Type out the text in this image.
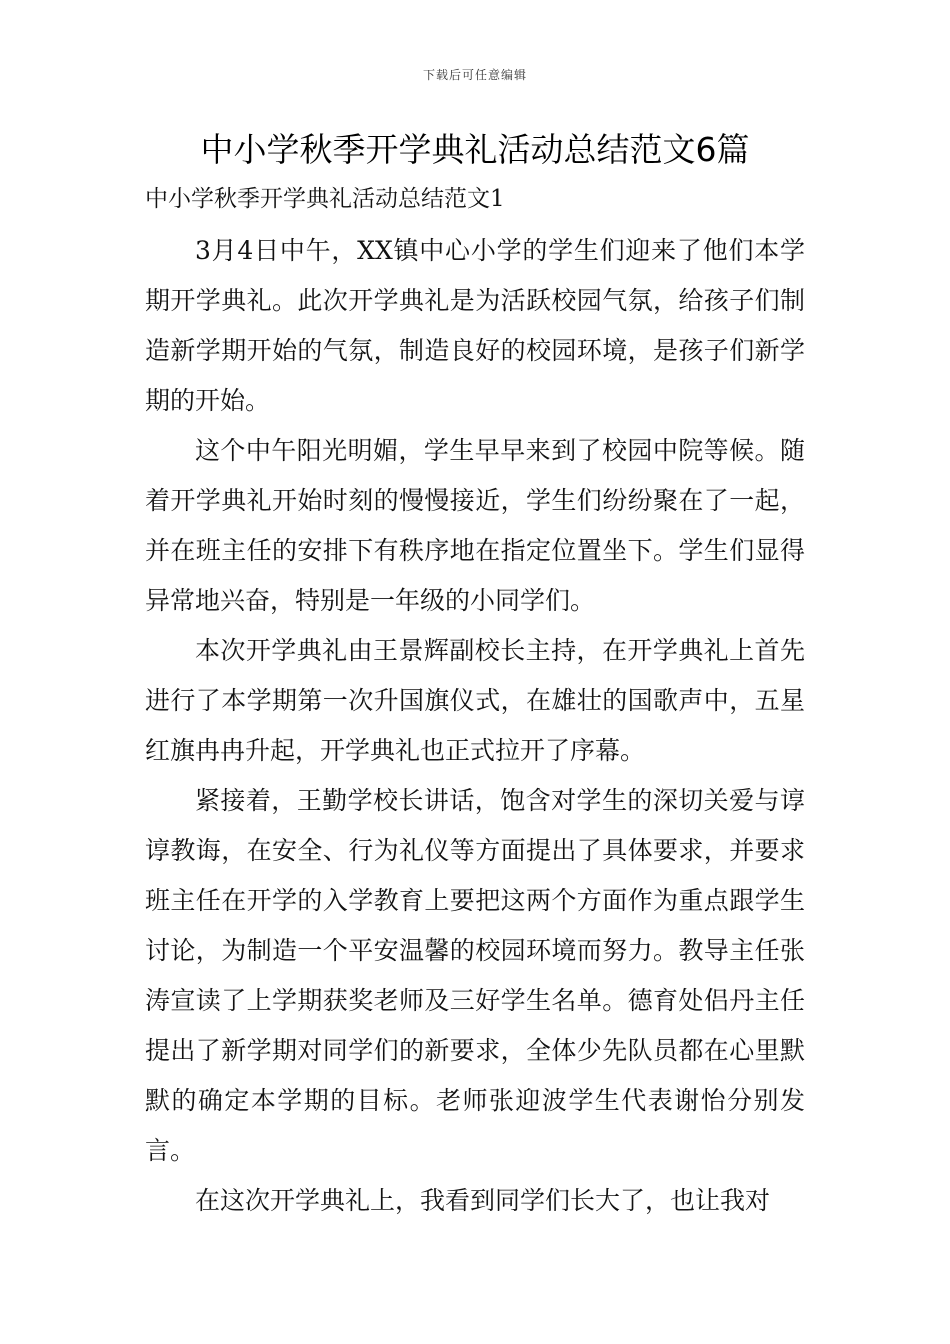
下载后可任意编辑
中小学秋季开学典礼活动总结范文6篇
中小学秋季开学典礼活动总结范文1

3月4日中午，XX镇中心小学的学生们迎来了他们本学期开学典礼。此次开学典礼是为活跃校园气氛，给孩子们制造新学期开始的气氛，制造良好的校园环境，是孩子们新学期的开始。

这个中午阳光明媚，学生早早来到了校园中院等候。随着开学典礼开始时刻的慢慢接近，学生们纷纷聚在了一起，并在班主任的安排下有秩序地在指定位置坐下。学生们显得异常地兴奋，特别是一年级的小同学们。

本次开学典礼由王景辉副校长主持，在开学典礼上首先进行了本学期第一次升国旗仪式，在雄壮的国歌声中，五星红旗冉冉升起，开学典礼也正式拉开了序幕。

紧接着，王勤学校长讲话，饱含对学生的深切关爱与谆谆教诲，在安全、行为礼仪等方面提出了具体要求，并要求班主任在开学的入学教育上要把这两个方面作为重点跟学生讨论，为制造一个平安温馨的校园环境而努力。教导主任张涛宣读了上学期获奖老师及三好学生名单。德育处侣丹主任提出了新学期对同学们的新要求，全体少先队员都在心里默默的确定本学期的目标。老师张迎波学生代表谢怡分别发言。

在这次开学典礼上，我看到同学们长大了，也让我对
